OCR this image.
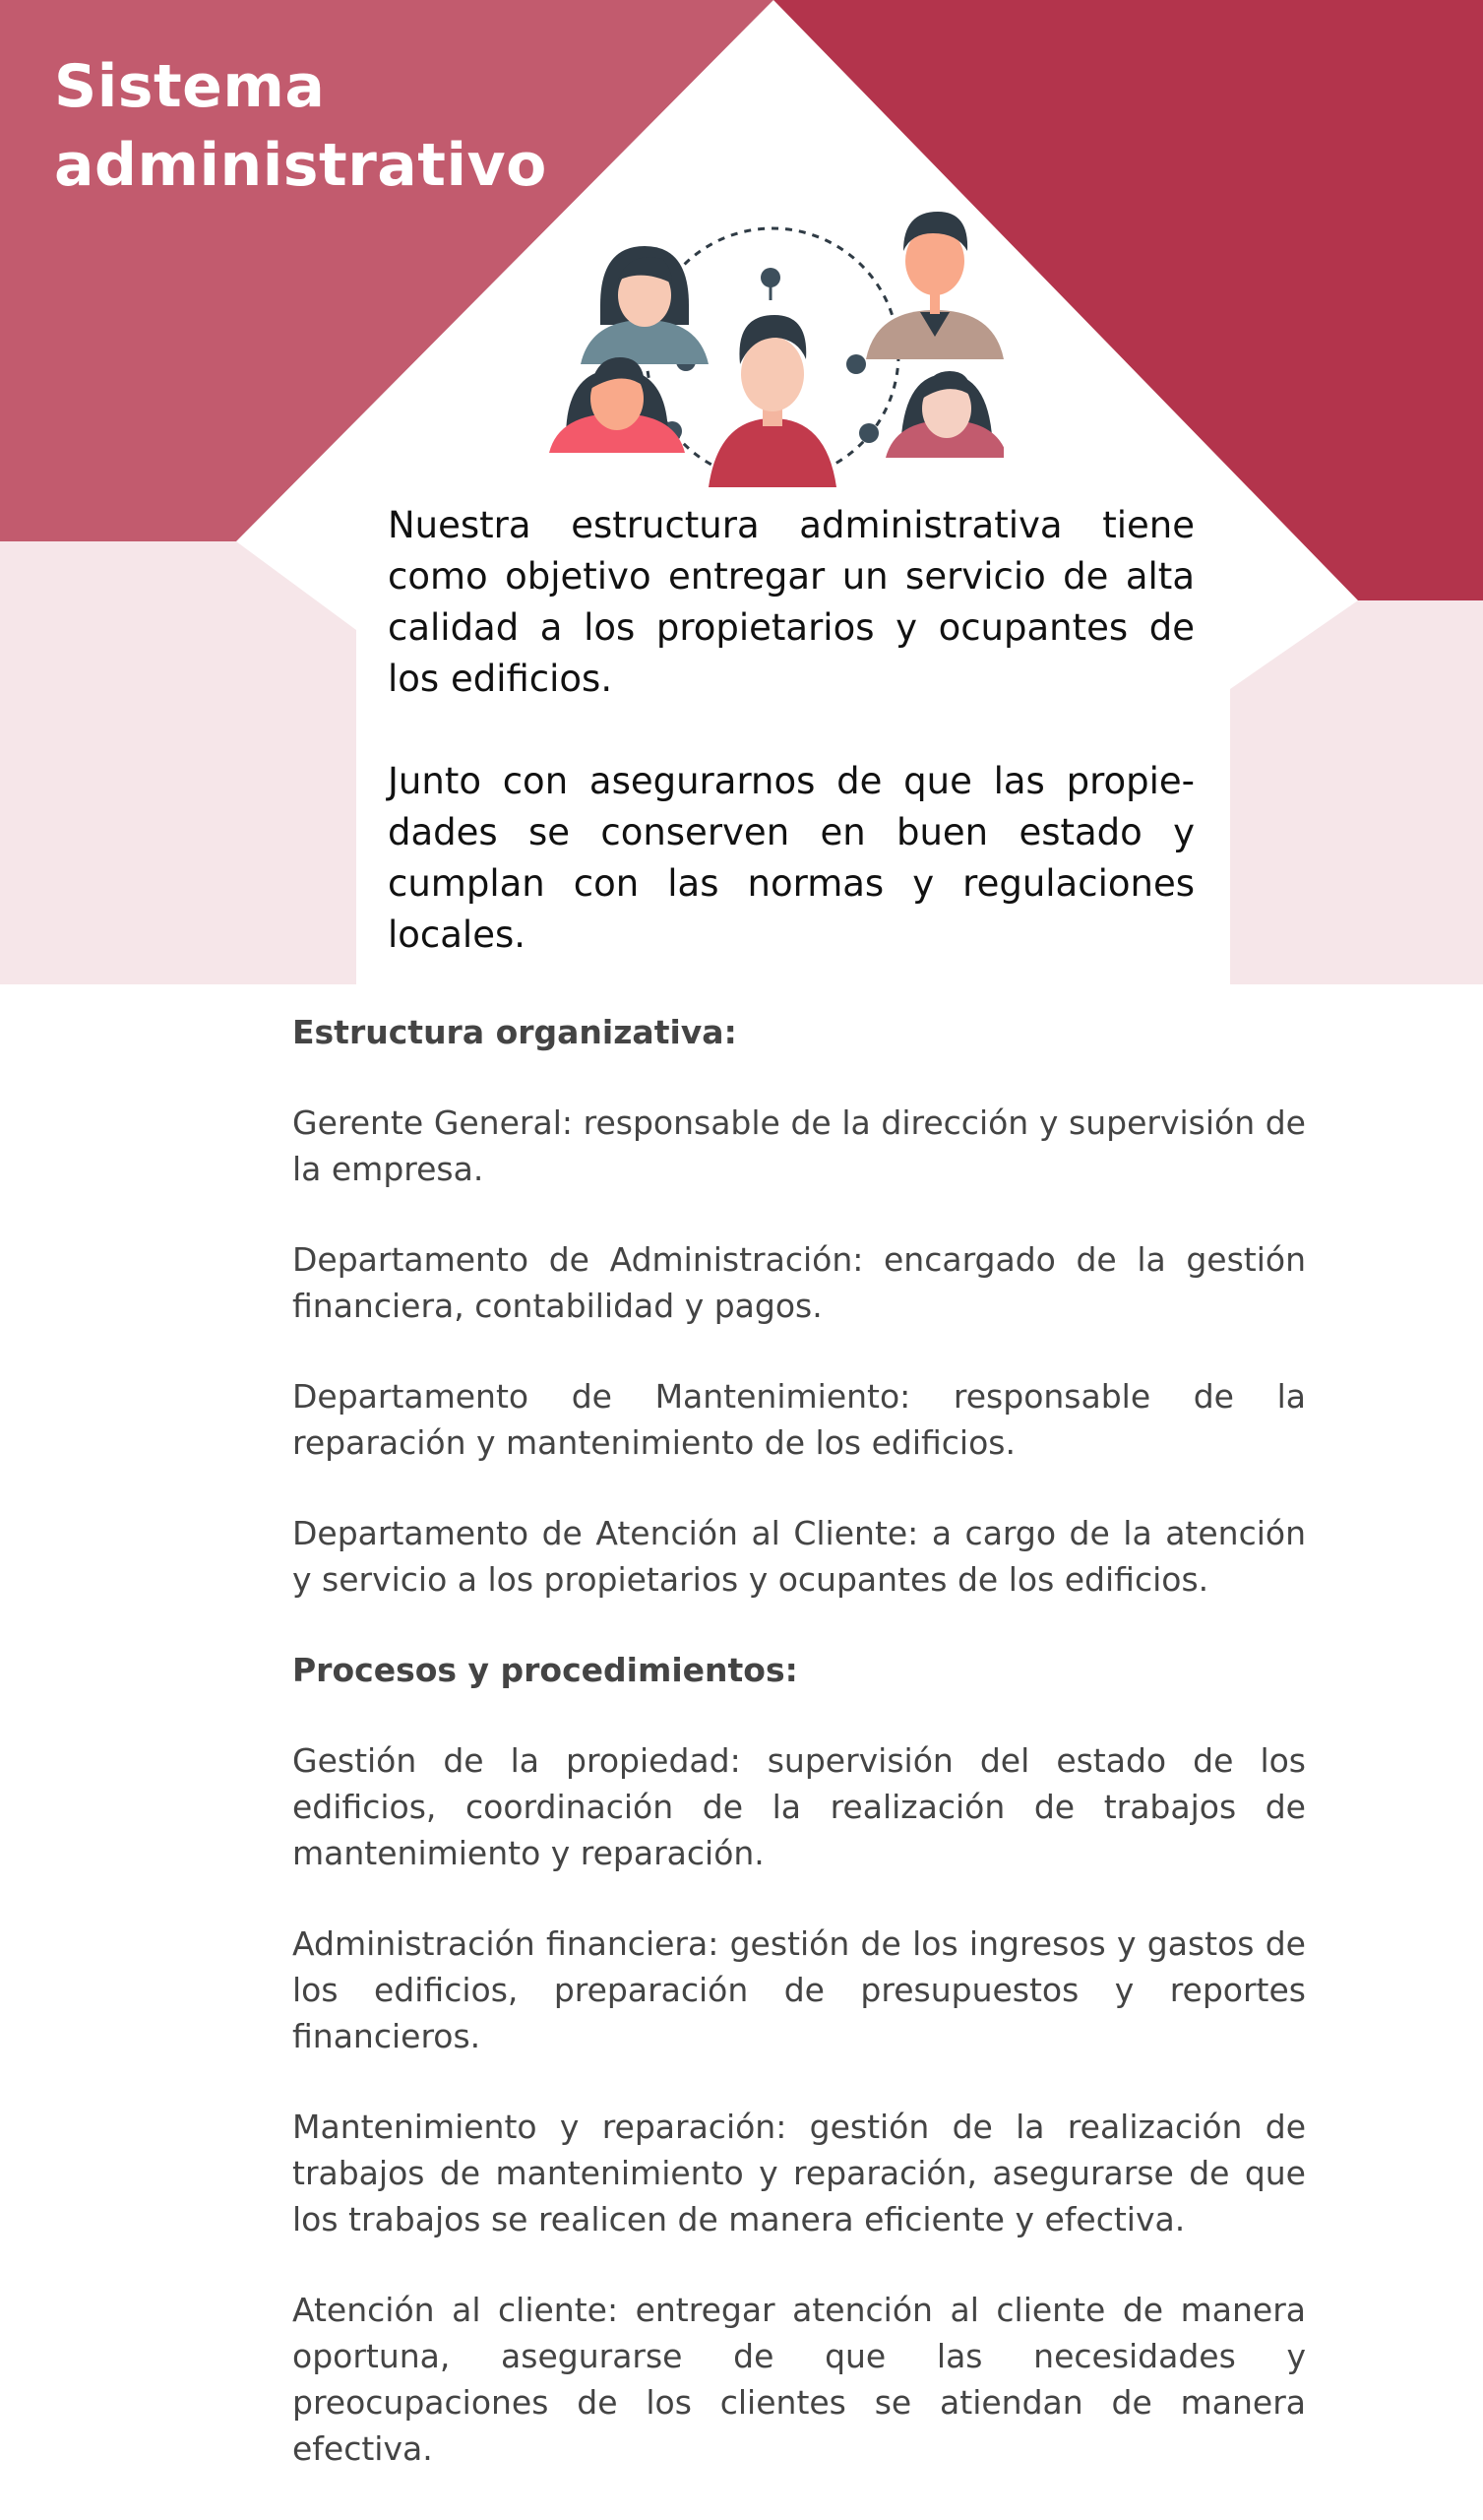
Sistema
administrativo

Nuestra estructura administrativa tiene como objetivo entregar un servicio de alta calidad a los propietarios y ocupantes de los edificios.

Junto con asegurarnos de que las propiedades se conserven en buen estado y cumplan con las normas y regulaciones locales.

Estructura organizativa:

Gerente General: responsable de la dirección y supervisión de la empresa.

Departamento de Administración: encargado de la gestión financiera, contabilidad y pagos.

Departamento de Mantenimiento: responsable de la reparación y mantenimiento de los edificios.

Departamento de Atención al Cliente: a cargo de la atención y servicio a los propietarios y ocupantes de los edificios.

Procesos y procedimientos:

Gestión de la propiedad: supervisión del estado de los edificios, coordinación de la realización de trabajos de mantenimiento y reparación.

Administración financiera: gestión de los ingresos y gastos de los edificios, preparación de presupuestos y reportes financieros.

Mantenimiento y reparación: gestión de la realización de trabajos de mantenimiento y reparación, asegurarse de que los trabajos se realicen de manera eficiente y efectiva.

Atención al cliente: entregar atención al cliente de manera oportuna, asegurarse de que las necesidades y preocupaciones de los clientes se atiendan de manera efectiva.
